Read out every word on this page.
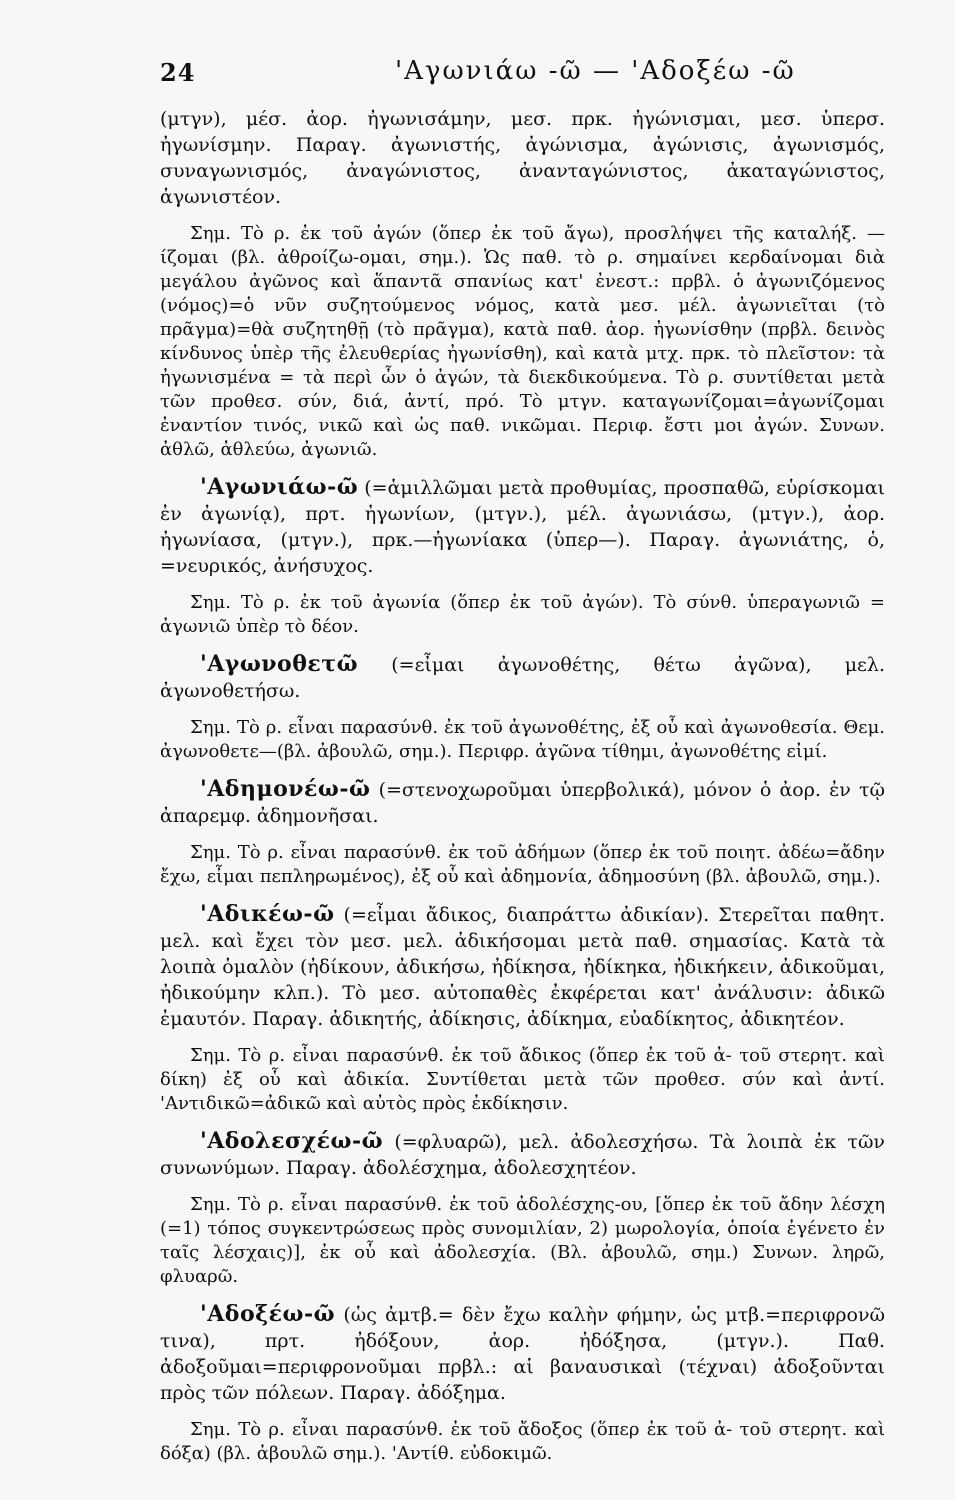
24	'Αγωνιάω -ῶ — 'Αδοξέω -ῶ

(μτγν), μέσ. ἀορ. ἠγωνισάμην, μεσ. πρκ. ἠγώνισμαι, μεσ. ὑπερσ. ἠγωνίσμην. Παραγ. ἀγωνιστής, ἀγώνισμα, ἀγώνισις, ἀγωνισμός, συναγωνισμός, ἀναγώνιστος, ἀνανταγώνιστος, ἀκαταγώνιστος, ἀγωνιστέον.

Σημ. Τὸ ρ. ἐκ τοῦ ἀγών (ὅπερ ἐκ τοῦ ἄγω), προσλήψει τῆς καταλήξ. —ίζομαι (βλ. ἀθροίζω-ομαι, σημ.). Ὡς παθ. τὸ ρ. σημαίνει κερδαίνομαι διὰ μεγάλου ἀγῶνος καὶ ἅπαντᾶ σπανίως κατ' ἐνεστ.: πρβλ. ὁ ἀγωνιζόμενος (νόμος)=ὁ νῦν συζητούμενος νόμος, κατὰ μεσ. μέλ. ἀγωνιεῖται (τὸ πρᾶγμα)=θὰ συζητηθῇ (τὸ πρᾶγμα), κατὰ παθ. ἀορ. ἠγωνίσθην (πρβλ. δεινὸς κίνδυνος ὑπὲρ τῆς ἐλευθερίας ἠγωνίσθη), καὶ κατὰ μτχ. πρκ. τὸ πλεῖστον: τὰ ἠγωνισμένα = τὰ περὶ ὧν ὁ ἀγών, τὰ διεκδικούμενα. Τὸ ρ. συντίθεται μετὰ τῶν προθεσ. σύν, διά, ἀντί, πρό. Τὸ μτγν. καταγωνίζομαι=ἀγωνίζομαι ἐναντίον τινός, νικῶ καὶ ὡς παθ. νικῶμαι. Περιφ. ἔστι μοι ἀγών. Συνων. ἀθλῶ, ἀθλεύω, ἀγωνιῶ.

'Αγωνιάω-ῶ (=ἁμιλλῶμαι μετὰ προθυμίας, προσπαθῶ, εὑρίσκομαι ἐν ἀγωνίᾳ), πρτ. ἠγωνίων, (μτγν.), μέλ. ἀγωνιάσω, (μτγν.), ἀορ. ἠγωνίασα, (μτγν.), πρκ.—ἠγωνίακα (ὑπερ—). Παραγ. ἀγωνιάτης, ὁ, =νευρικός, ἀνήσυχος.

Σημ. Τὸ ρ. ἐκ τοῦ ἀγωνία (ὅπερ ἐκ τοῦ ἀγών). Τὸ σύνθ. ὑπεραγωνιῶ = ἀγωνιῶ ὑπὲρ τὸ δέον.

'Αγωνοθετῶ (=εἶμαι ἀγωνοθέτης, θέτω ἀγῶνα), μελ. ἀγωνοθετήσω.

Σημ. Τὸ ρ. εἶναι παρασύνθ. ἐκ τοῦ ἀγωνοθέτης, ἐξ οὗ καὶ ἀγωνοθεσία. Θεμ. ἀγωνοθετε—(βλ. ἀβουλῶ, σημ.). Περιφρ. ἀγῶνα τίθημι, ἀγωνοθέτης εἰμί.

'Αδημονέω-ῶ (=στενοχωροῦμαι ὑπερβολικά), μόνον ὁ ἀορ. ἐν τῷ ἀπαρεμφ. ἀδημονῆσαι.

Σημ. Τὸ ρ. εἶναι παρασύνθ. ἐκ τοῦ ἀδήμων (ὅπερ ἐκ τοῦ ποιητ. ἀδέω=ἄδην ἔχω, εἶμαι πεπληρωμένος), ἐξ οὗ καὶ ἀδημονία, ἀδημοσύνη (βλ. ἀβουλῶ, σημ.).

'Αδικέω-ῶ (=εἶμαι ἄδικος, διαπράττω ἀδικίαν). Στερεῖται παθητ. μελ. καὶ ἔχει τὸν μεσ. μελ. ἀδικήσομαι μετὰ παθ. σημασίας. Κατὰ τὰ λοιπὰ ὁμαλὸν (ἠδίκουν, ἀδικήσω, ἠδίκησα, ἠδίκηκα, ἠδικήκειν, ἀδικοῦμαι, ἠδικούμην κλπ.). Τὸ μεσ. αὐτοπαθὲς ἐκφέρεται κατ' ἀνάλυσιν: ἀδικῶ ἐμαυτόν. Παραγ. ἀδικητής, ἀδίκησις, ἀδίκημα, εὐαδίκητος, ἀδικητέον.

Σημ. Τὸ ρ. εἶναι παρασύνθ. ἐκ τοῦ ἄδικος (ὅπερ ἐκ τοῦ ἀ- τοῦ στερητ. καὶ δίκη) ἐξ οὗ καὶ ἀδικία. Συντίθεται μετὰ τῶν προθεσ. σύν καὶ ἀντί. 'Αντιδικῶ=ἀδικῶ καὶ αὐτὸς πρὸς ἐκδίκησιν.

'Αδολεσχέω-ῶ (=φλυαρῶ), μελ. ἀδολεσχήσω. Τὰ λοιπὰ ἐκ τῶν συνωνύμων. Παραγ. ἀδολέσχημα, ἀδολεσχητέον.

Σημ. Τὸ ρ. εἶναι παρασύνθ. ἐκ τοῦ ἀδολέσχης-ου, [ὅπερ ἐκ τοῦ ἄδην λέσχη (=1) τόπος συγκεντρώσεως πρὸς συνομιλίαν, 2) μωρολογία, ὁποία ἐγένετο ἐν ταῖς λέσχαις)], ἐκ οὗ καὶ ἀδολεσχία. (Βλ. ἀβουλῶ, σημ.) Συνων. ληρῶ, φλυαρῶ.

'Αδοξέω-ῶ (ὡς ἀμτβ.= δὲν ἔχω καλὴν φήμην, ὡς μτβ.=περιφρονῶ τινα), πρτ. ἠδόξουν, ἀορ. ἠδόξησα, (μτγν.). Παθ. ἀδοξοῦμαι=περιφρονοῦμαι πρβλ.: αἱ βαναυσικαὶ (τέχναι) ἀδοξοῦνται πρὸς τῶν πόλεων. Παραγ. ἀδόξημα.

Σημ. Τὸ ρ. εἶναι παρασύνθ. ἐκ τοῦ ἄδοξος (ὅπερ ἐκ τοῦ ἀ- τοῦ στερητ. καὶ δόξα) (βλ. ἀβουλῶ σημ.). 'Αντίθ. εὐδοκιμῶ.
